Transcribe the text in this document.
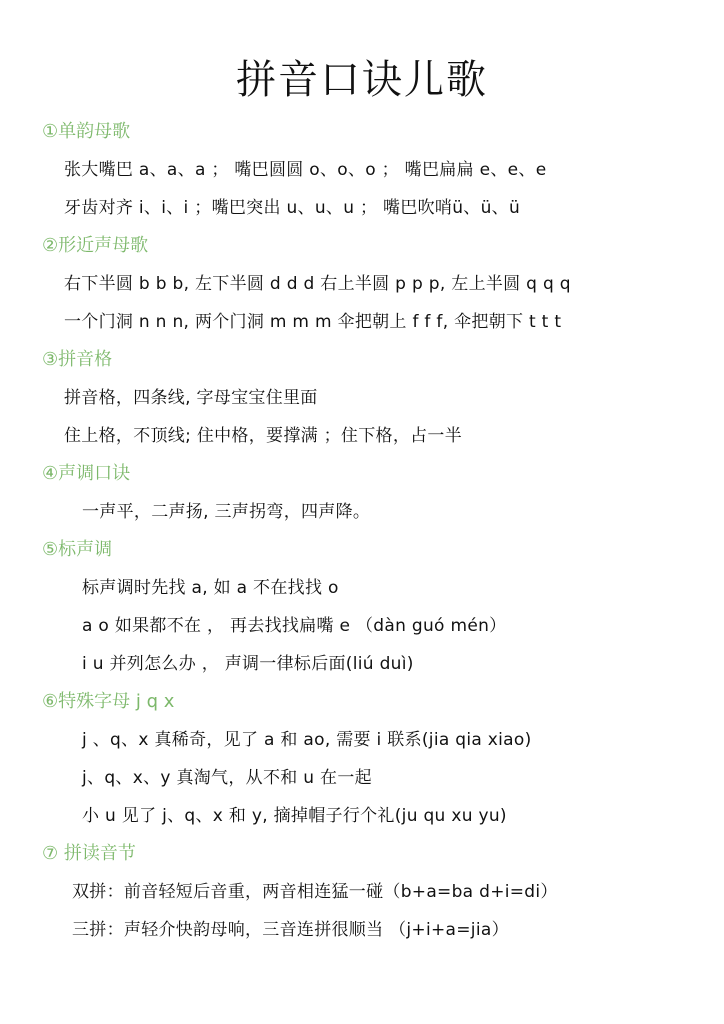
拼音口诀儿歌
①单韵母歌
张大嘴巴 a、a、a ； 嘴巴圆圆 o、o、o ； 嘴巴扁扁 e、e、e
牙齿对齐 i、i、i ；嘴巴突出 u、u、u ； 嘴巴吹哨ü、ü、ü
②形近声母歌
右下半圆 b b b, 左下半圆 d d d 右上半圆 p p p, 左上半圆 q q q
一个门洞 n n n, 两个门洞 m m m 伞把朝上 f f f, 伞把朝下 t t t
③拼音格
拼音格，四条线, 字母宝宝住里面
住上格，不顶线; 住中格，要撑满 ；住下格，占一半
④声调口诀
一声平，二声扬, 三声拐弯，四声降。
⑤标声调
标声调时先找 a, 如 a 不在找找 o
a o 如果都不在 ， 再去找找扁嘴 e （dàn guó mén）
i u 并列怎么办 ， 声调一律标后面(liú duì)
⑥特殊字母 j q x
j 、q、x 真稀奇，见了 a 和 ao, 需要 i 联系(jia qia xiao)
j、q、x、y 真淘气，从不和 u 在一起
小 u 见了 j、q、x 和 y, 摘掉帽子行个礼(ju qu xu yu)
⑦ 拼读音节
双拼：前音轻短后音重，两音相连猛一碰（b+a=ba d+i=di）
三拼：声轻介快韵母响，三音连拼很顺当 （j+i+a=jia）
